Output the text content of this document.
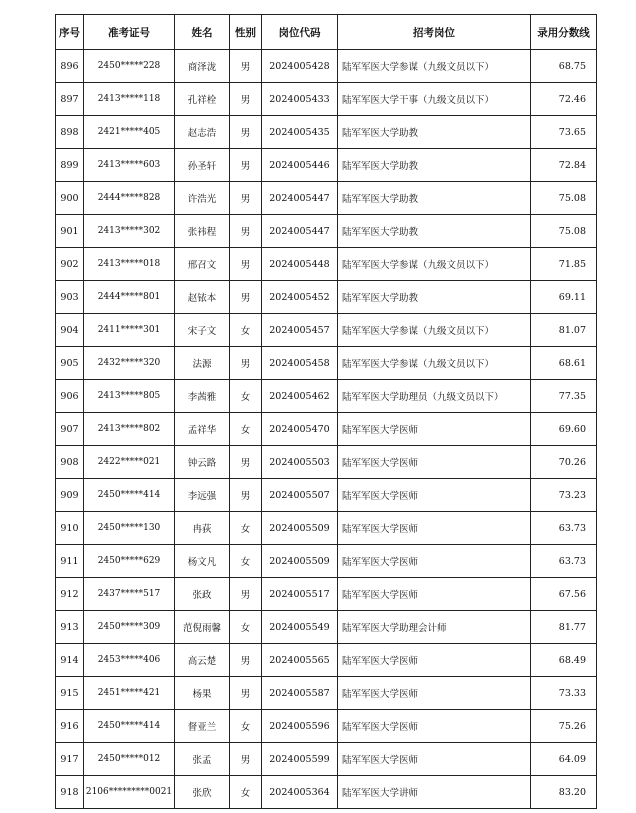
序号	准考证号	姓名	性别	岗位代码	招考岗位	录用分数线
896	2450*****228	商泽泷	男	2024005428	陆军军医大学参谋（九级文员以下）	68.75
897	2413*****118	孔祥栓	男	2024005433	陆军军医大学干事（九级文员以下）	72.46
898	2421*****405	赵志浩	男	2024005435	陆军军医大学助教	73.65
899	2413*****603	孙圣轩	男	2024005446	陆军军医大学助教	72.84
900	2444*****828	许浩光	男	2024005447	陆军军医大学助教	75.08
901	2413*****302	张祎程	男	2024005447	陆军军医大学助教	75.08
902	2413*****018	邢召文	男	2024005448	陆军军医大学参谋（九级文员以下）	71.85
903	2444*****801	赵铱本	男	2024005452	陆军军医大学助教	69.11
904	2411*****301	宋子文	女	2024005457	陆军军医大学参谋（九级文员以下）	81.07
905	2432*****320	法源	男	2024005458	陆军军医大学参谋（九级文员以下）	68.61
906	2413*****805	李茜雅	女	2024005462	陆军军医大学助理员（九级文员以下）	77.35
907	2413*****802	孟祥华	女	2024005470	陆军军医大学医师	69.60
908	2422*****021	钟云路	男	2024005503	陆军军医大学医师	70.26
909	2450*****414	李远强	男	2024005507	陆军军医大学医师	73.23
910	2450*****130	冉荻	女	2024005509	陆军军医大学医师	63.73
911	2450*****629	杨文凡	女	2024005509	陆军军医大学医师	63.73
912	2437*****517	张政	男	2024005517	陆军军医大学医师	67.56
913	2450*****309	范倪雨馨	女	2024005549	陆军军医大学助理会计师	81.77
914	2453*****406	高云楚	男	2024005565	陆军军医大学医师	68.49
915	2451*****421	杨果	男	2024005587	陆军军医大学医师	73.33
916	2450*****414	督亚兰	女	2024005596	陆军军医大学医师	75.26
917	2450*****012	张孟	男	2024005599	陆军军医大学医师	64.09
918	2106*********0021	张欣	女	2024005364	陆军军医大学讲师	83.20
